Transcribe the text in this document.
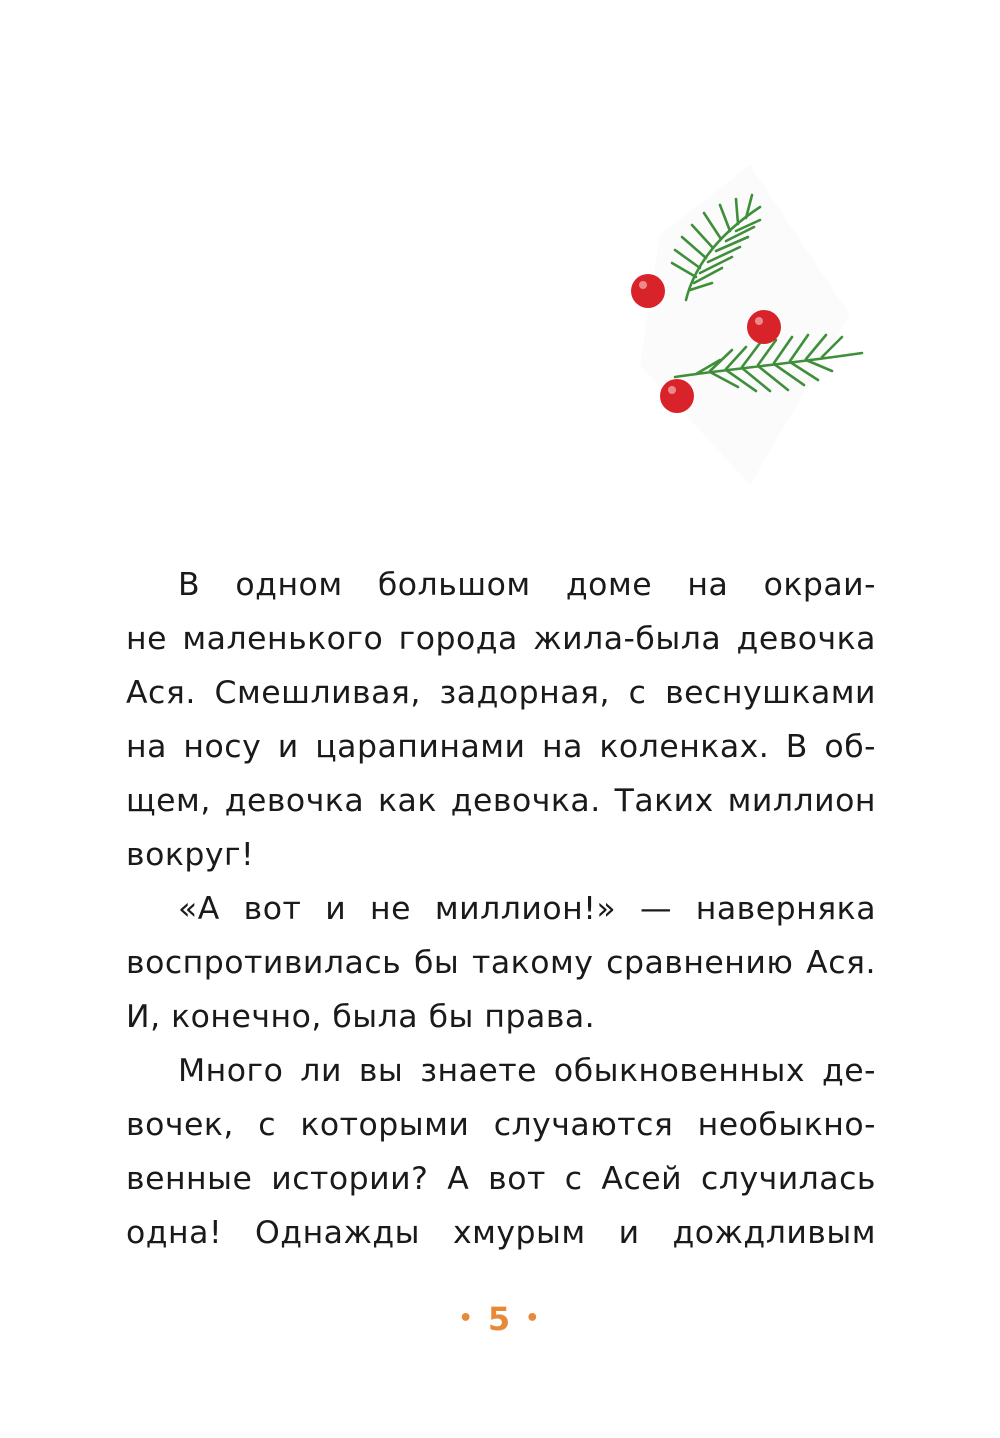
В одном большом доме на окраи-
не маленького города жила-была девочка
Ася. Смешливая, задорная, с веснушками
на носу и царапинами на коленках. В об-
щем, девочка как девочка. Таких миллион
вокруг!
«А вот и не миллион!» — наверняка
воспротивилась бы такому сравнению Ася.
И, конечно, была бы права.
Много ли вы знаете обыкновенных де-
вочек, с которыми случаются необыкно-
венные истории? А вот с Асей случилась
одна! Однажды хмурым и дождливым
• 5 •
